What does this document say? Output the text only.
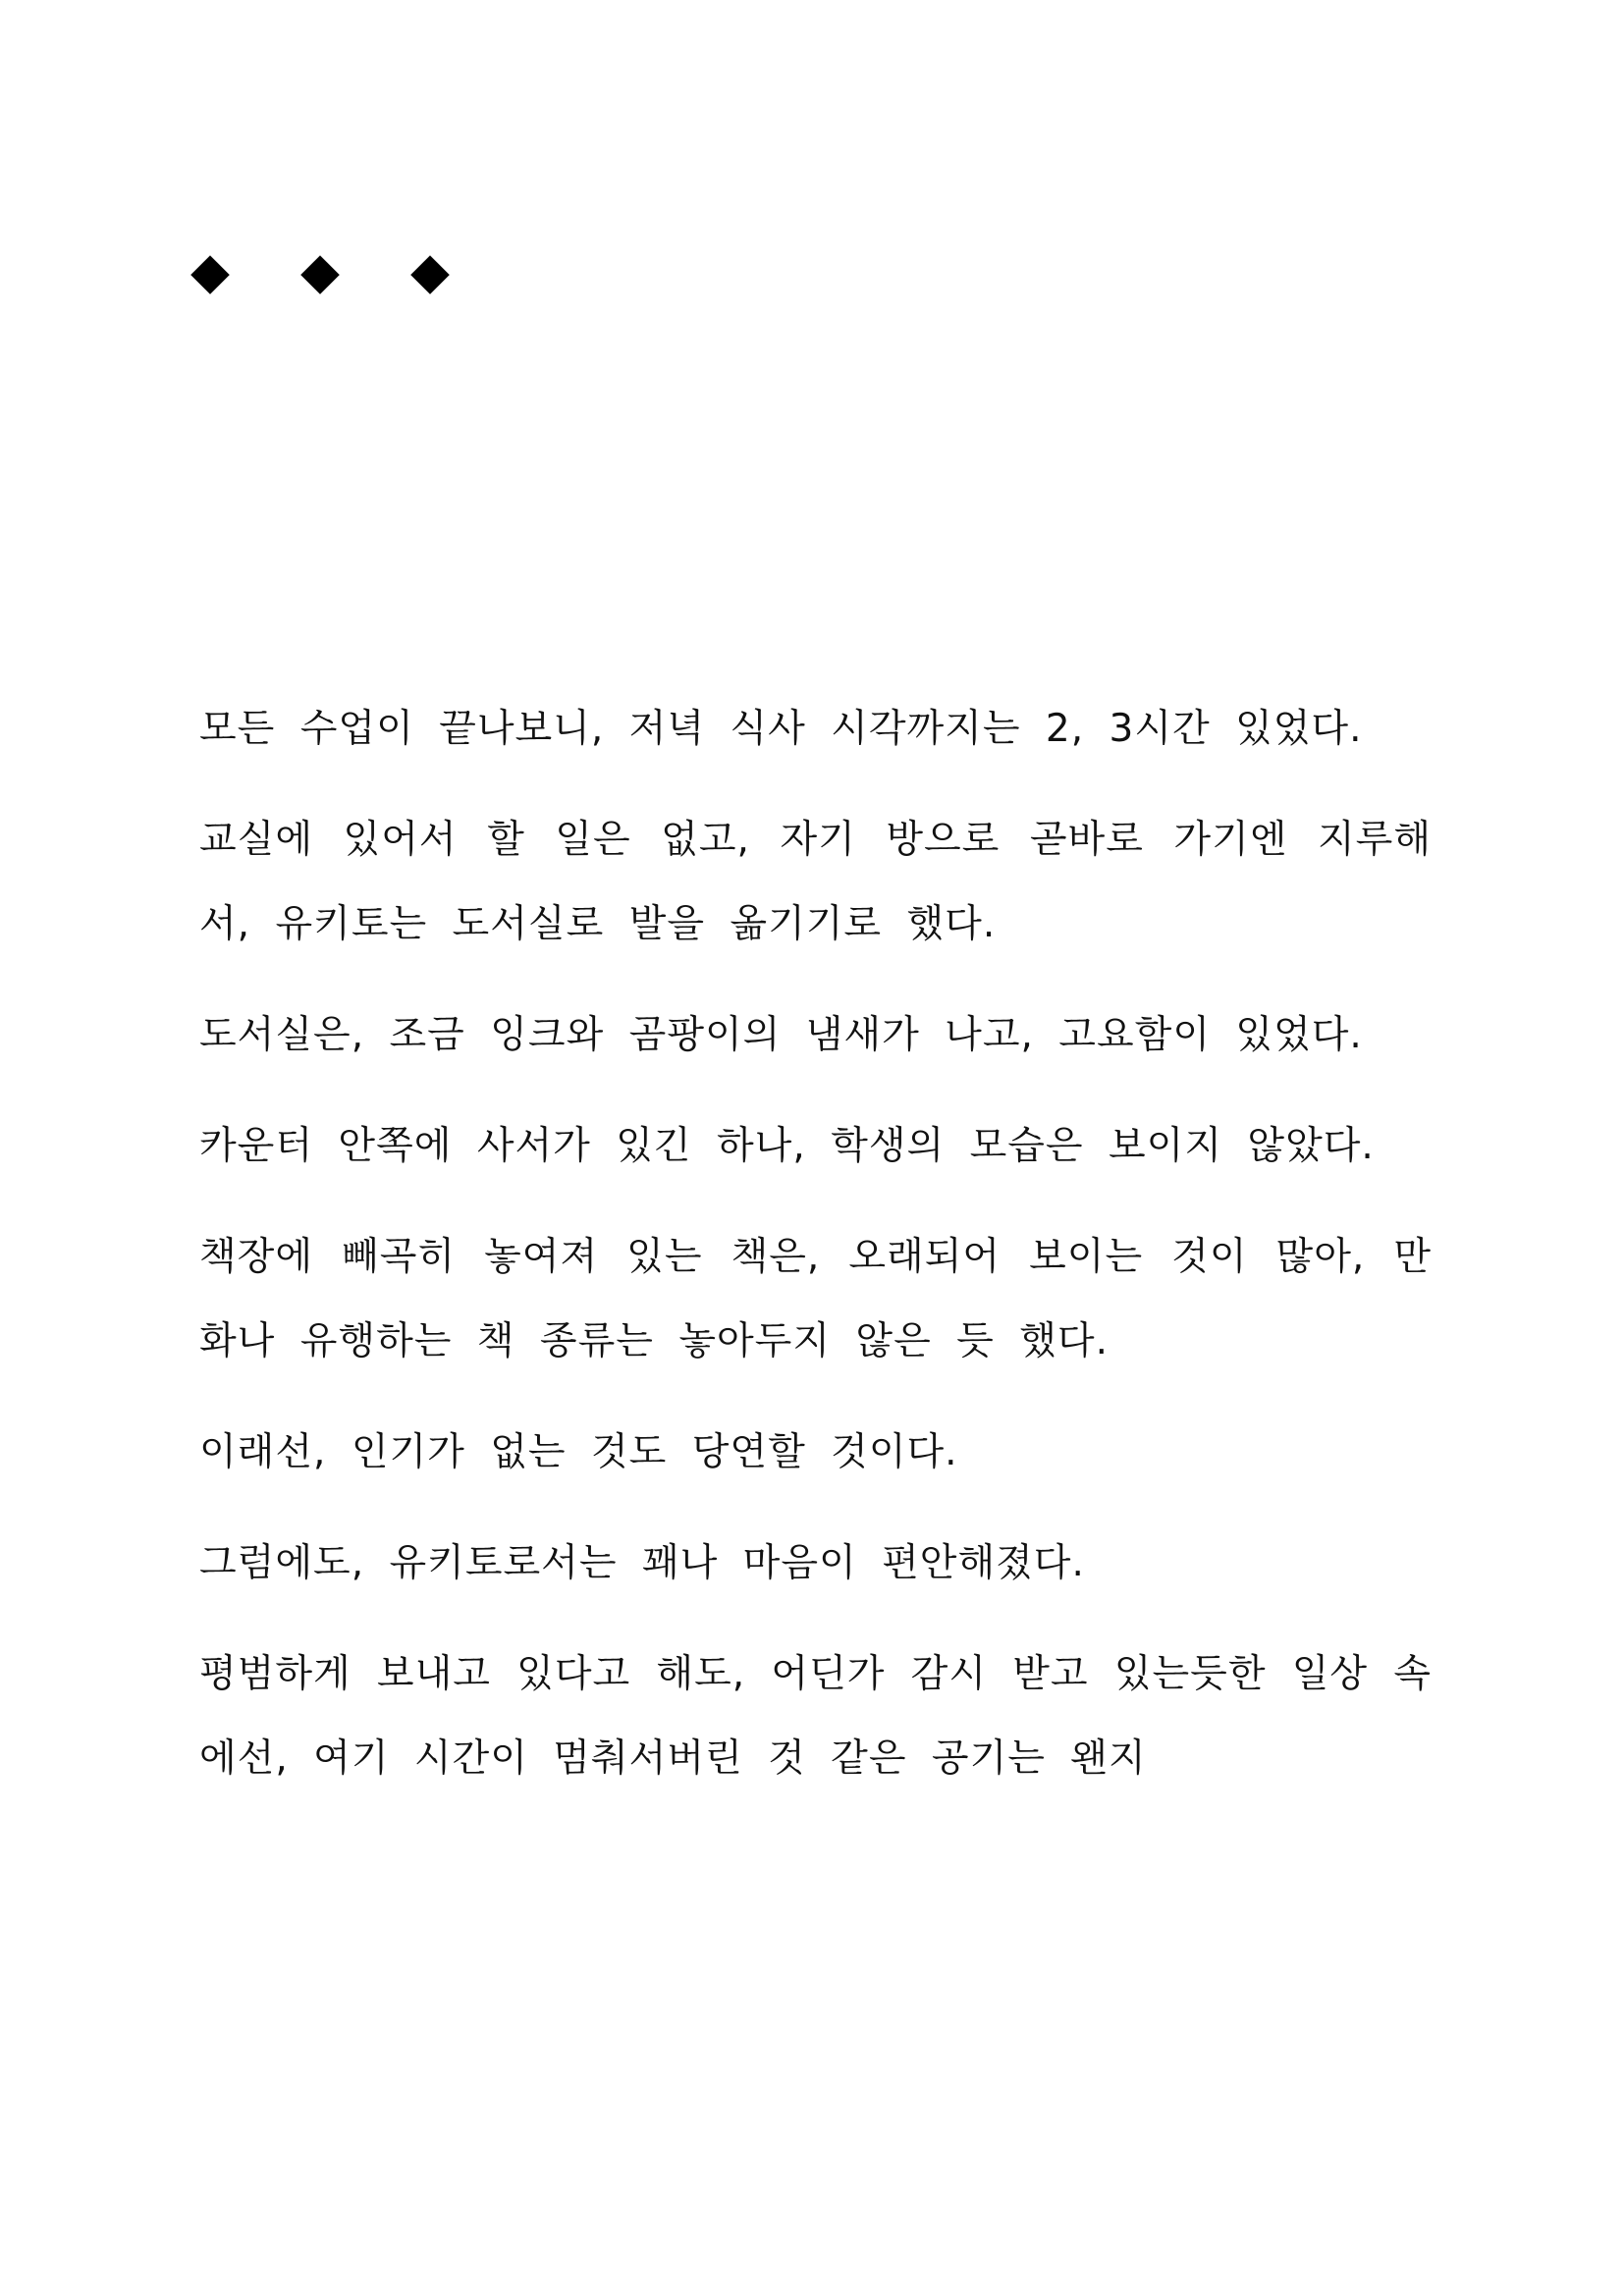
모든 수업이 끝나보니, 저녁 식사 시각까지는 2, 3시간 있었다.

교실에 있어서 할 일은 없고, 자기 방으로 곧바로 가기엔 지루해서, 유키토는 도서실로 발을 옮기기로 했다.

도서실은, 조금 잉크와 곰팡이의 냄새가 나고, 고요함이 있었다.

카운터 안쪽에 사서가 있긴 하나, 학생의 모습은 보이지 않았다.

책장에 빼곡히 놓여져 있는 책은, 오래되어 보이는 것이 많아, 만화나 유행하는 책 종류는 놓아두지 않은 듯 했다.

이래선, 인기가 없는 것도 당연할 것이다.

그럼에도, 유키토로서는 꽤나 마음이 편안해졌다.

평범하게 보내고 있다고 해도, 어딘가 감시 받고 있는듯한 일상 속에선, 여기 시간이 멈춰서버린 것 같은 공기는 왠지
